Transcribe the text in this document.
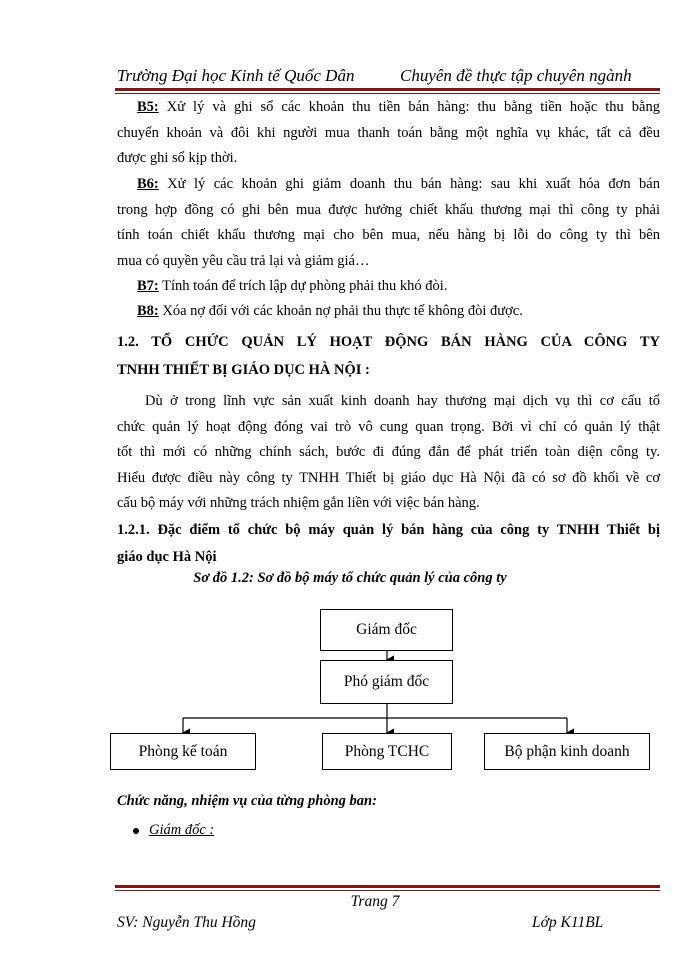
Trường Đại học Kinh tế Quốc Dân	Chuyên đề thực tập chuyên ngành
B5: Xử lý và ghi sổ các khoản thu tiền bán hàng: thu bằng tiền hoặc thu bằng
chuyển khoản và đôi khi người mua thanh toán bằng một nghĩa vụ khác, tất cả đều
được ghi sổ kịp thời.
B6: Xử lý các khoản ghi giảm doanh thu bán hàng: sau khi xuất hóa đơn bán
trong hợp đồng có ghi bên mua được hưởng chiết khấu thương mại thì công ty phải
tính toán chiết khấu thương mại cho bên mua, nếu hàng bị lỗi do công ty thì bên
mua có quyền yêu cầu trả lại và giảm giá…
B7: Tính toán để trích lập dự phòng phải thu khó đòi.
B8: Xóa nợ đối với các khoản nợ phải thu thực tế không đòi được.
1.2. TỔ CHỨC QUẢN LÝ HOẠT ĐỘNG BÁN HÀNG CỦA CÔNG TY
TNHH THIẾT BỊ GIÁO DỤC HÀ NỘI :
Dù ở trong lĩnh vực sản xuất kinh doanh hay thương mại dịch vụ thì cơ cấu tổ
chức quản lý hoạt động đóng vai trò vô cung quan trọng. Bởi vì chỉ có quản lý thật
tốt thì mới có những chính sách, bước đi đúng đắn để phát triển toàn diện công ty.
Hiểu được điều này công ty TNHH Thiết bị giáo dục Hà Nội đã có sơ đồ khối về cơ
cấu bộ máy với những trách nhiệm gắn liền với việc bán hàng.
1.2.1. Đặc điểm tổ chức bộ máy quản lý bán hàng của công ty TNHH Thiết bị
giáo dục Hà Nội
Sơ đồ 1.2: Sơ đồ bộ máy tổ chức quản lý của công ty
Giám đốc
Phó giám đốc
Phòng kế toán	Phòng TCHC	Bộ phận kinh doanh
Chức năng, nhiệm vụ của từng phòng ban:
Giám đốc :
Trang 7
SV: Nguyễn Thu Hồng	Lớp K11BL
